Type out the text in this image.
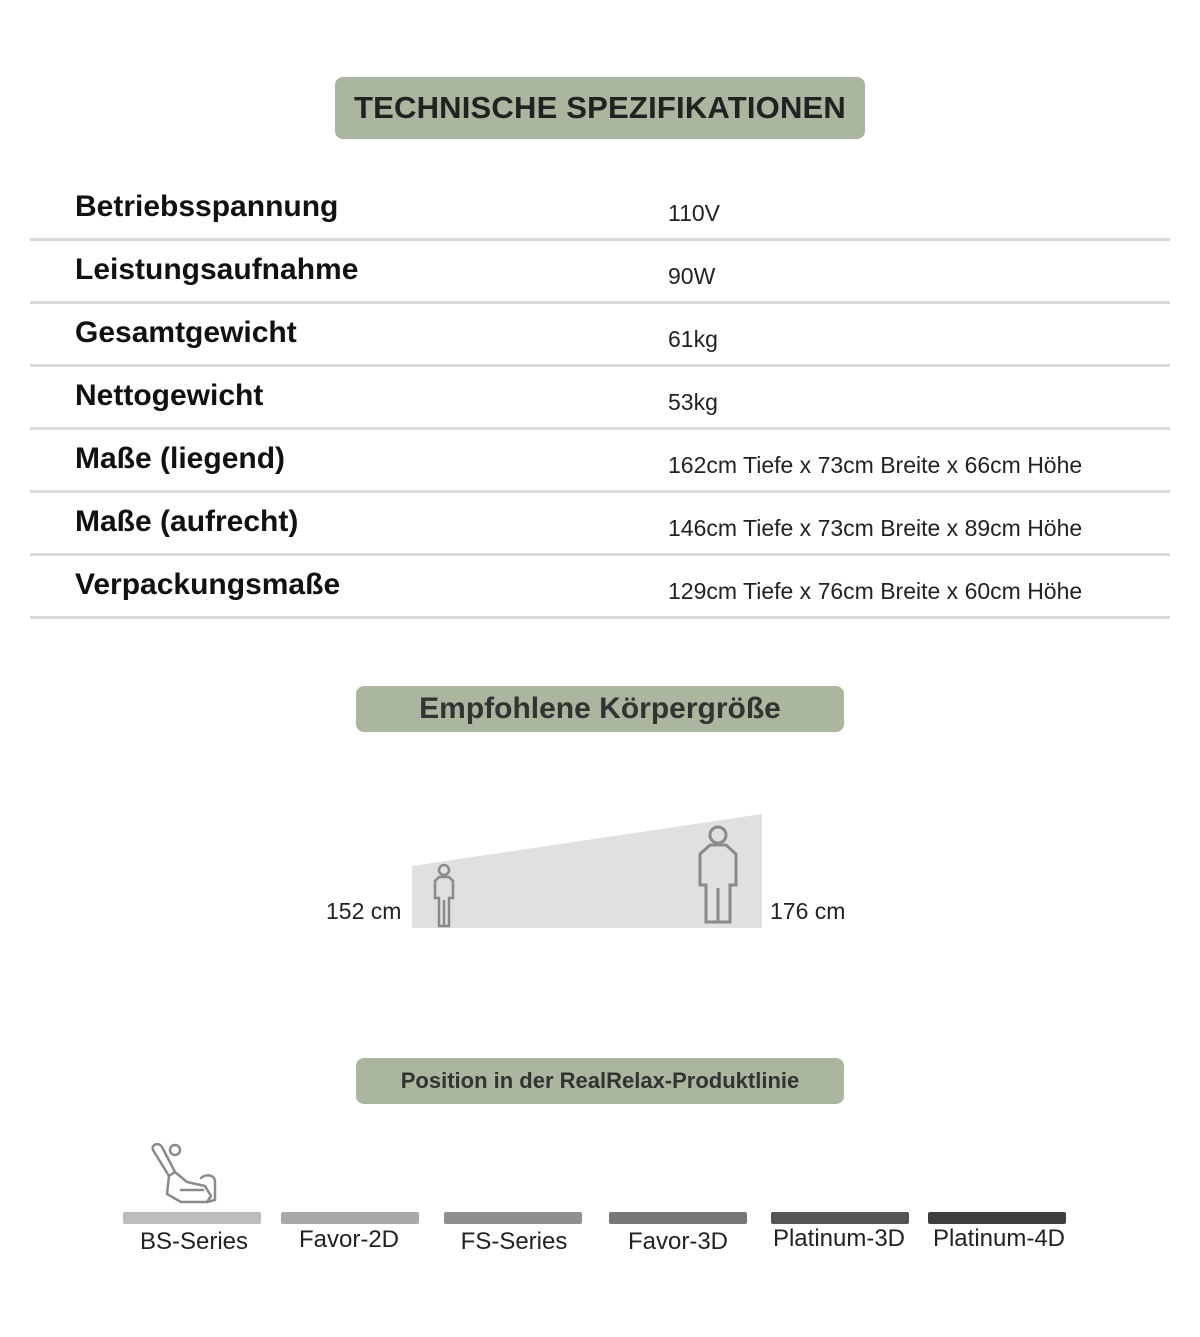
TECHNISCHE SPEZIFIKATIONEN
Betriebsspannung	110V
Leistungsaufnahme	90W
Gesamtgewicht	61kg
Nettogewicht	53kg
Maße (liegend)	162cm Tiefe x 73cm Breite x 66cm Höhe
Maße (aufrecht)	146cm Tiefe x 73cm Breite x 89cm Höhe
Verpackungsmaße	129cm Tiefe x 76cm Breite x 60cm Höhe
Empfohlene Körpergröße
152 cm	176 cm
Position in der RealRelax-Produktlinie
BS-Series	Favor-2D	FS-Series	Favor-3D	Platinum-3D	Platinum-4D
